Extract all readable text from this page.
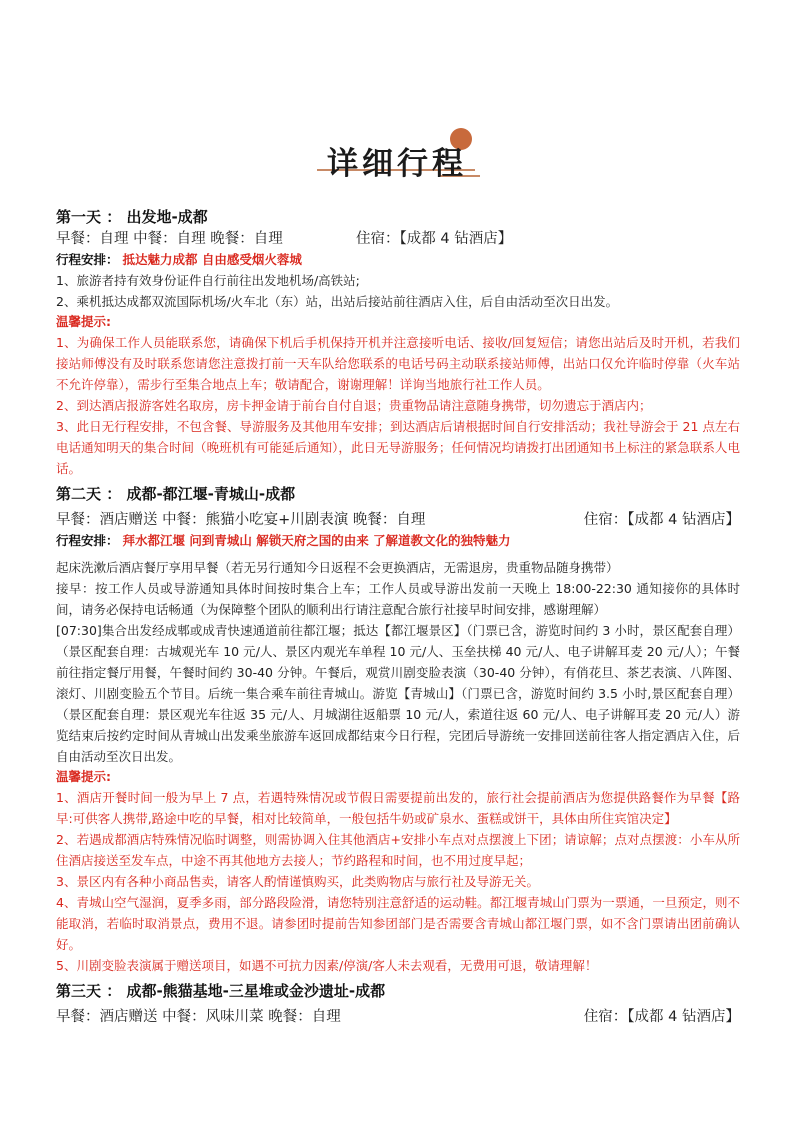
详细行程
第一天 ： 出发地-成都
早餐：自理 中餐：自理 晚餐：自理	住宿：【成都 4 钻酒店】
行程安排： 抵达魅力成都 自由感受烟火蓉城

1、旅游者持有效身份证件自行前往出发地机场/高铁站;

2、乘机抵达成都双流国际机场/火车北（东）站，出站后接站前往酒店入住，后自由活动至次日出发。

温馨提示:

1、为确保工作人员能联系您，请确保下机后手机保持开机并注意接听电话、接收/回复短信；请您出站后及时开机，若我们接站师傅没有及时联系您请您注意拨打前一天车队给您联系的电话号码主动联系接站师傅，出站口仅允许临时停靠（火车站不允许停靠），需步行至集合地点上车；敬请配合，谢谢理解！详询当地旅行社工作人员。

2、到达酒店报游客姓名取房，房卡押金请于前台自付自退；贵重物品请注意随身携带，切勿遗忘于酒店内；

3、此日无行程安排，不包含餐、导游服务及其他用车安排；到达酒店后请根据时间自行安排活动；我社导游会于 21 点左右电话通知明天的集合时间（晚班机有可能延后通知），此日无导游服务；任何情况均请拨打出团通知书上标注的紧急联系人电话。

第二天 ： 成都-都江堰-青城山-成都
早餐：酒店赠送 中餐：熊猫小吃宴+川剧表演 晚餐：自理	住宿：【成都 4 钻酒店】
行程安排： 拜水都江堰 问到青城山 解锁天府之国的由来 了解道教文化的独特魅力

起床洗漱后酒店餐厅享用早餐（若无另行通知今日返程不会更换酒店，无需退房，贵重物品随身携带）

接早：按工作人员或导游通知具体时间按时集合上车；工作人员或导游出发前一天晚上 18:00-22:30 通知接你的具体时间，请务必保持电话畅通（为保障整个团队的顺利出行请注意配合旅行社接早时间安排，感谢理解）

[07:30]集合出发经成郫或成青快速通道前往都江堰；抵达【都江堰景区】（门票已含，游览时间约 3 小时，景区配套自理）（景区配套自理：古城观光车 10 元/人、景区内观光车单程 10 元/人、玉垒扶梯 40 元/人、电子讲解耳麦 20 元/人）；午餐前往指定餐厅用餐，午餐时间约 30-40 分钟。午餐后，观赏川剧变脸表演（30-40 分钟），有俏花旦、茶艺表演、八阵图、滚灯、川剧变脸五个节目。后统一集合乘车前往青城山。游览【青城山】（门票已含，游览时间约 3.5 小时,景区配套自理）（景区配套自理：景区观光车往返 35 元/人、月城湖往返船票 10 元/人，索道往返 60 元/人、电子讲解耳麦 20 元/人）游览结束后按约定时间从青城山出发乘坐旅游车返回成都结束今日行程，完团后导游统一安排回送前往客人指定酒店入住，后自由活动至次日出发。

温馨提示:

1、酒店开餐时间一般为早上 7 点，若遇特殊情况或节假日需要提前出发的，旅行社会提前酒店为您提供路餐作为早餐【路早:可供客人携带,路途中吃的早餐，相对比较简单，一般包括牛奶或矿泉水、蛋糕或饼干，具体由所住宾馆决定】

2、若遇成都酒店特殊情况临时调整，则需协调入住其他酒店+安排小车点对点摆渡上下团；请谅解；点对点摆渡：小车从所住酒店接送至发车点，中途不再其他地方去接人；节约路程和时间，也不用过度早起；

3、景区内有各种小商品售卖，请客人酌情谨慎购买，此类购物店与旅行社及导游无关。

4、青城山空气湿润，夏季多雨，部分路段险滑，请您特别注意舒适的运动鞋。都江堰青城山门票为一票通，一旦预定，则不能取消，若临时取消景点，费用不退。请参团时提前告知参团部门是否需要含青城山都江堰门票，如不含门票请出团前确认好。

5、川剧变脸表演属于赠送项目，如遇不可抗力因素/停演/客人未去观看，无费用可退，敬请理解！

第三天 ： 成都-熊猫基地-三星堆或金沙遗址-成都
早餐：酒店赠送 中餐：风味川菜 晚餐：自理	住宿：【成都 4 钻酒店】
